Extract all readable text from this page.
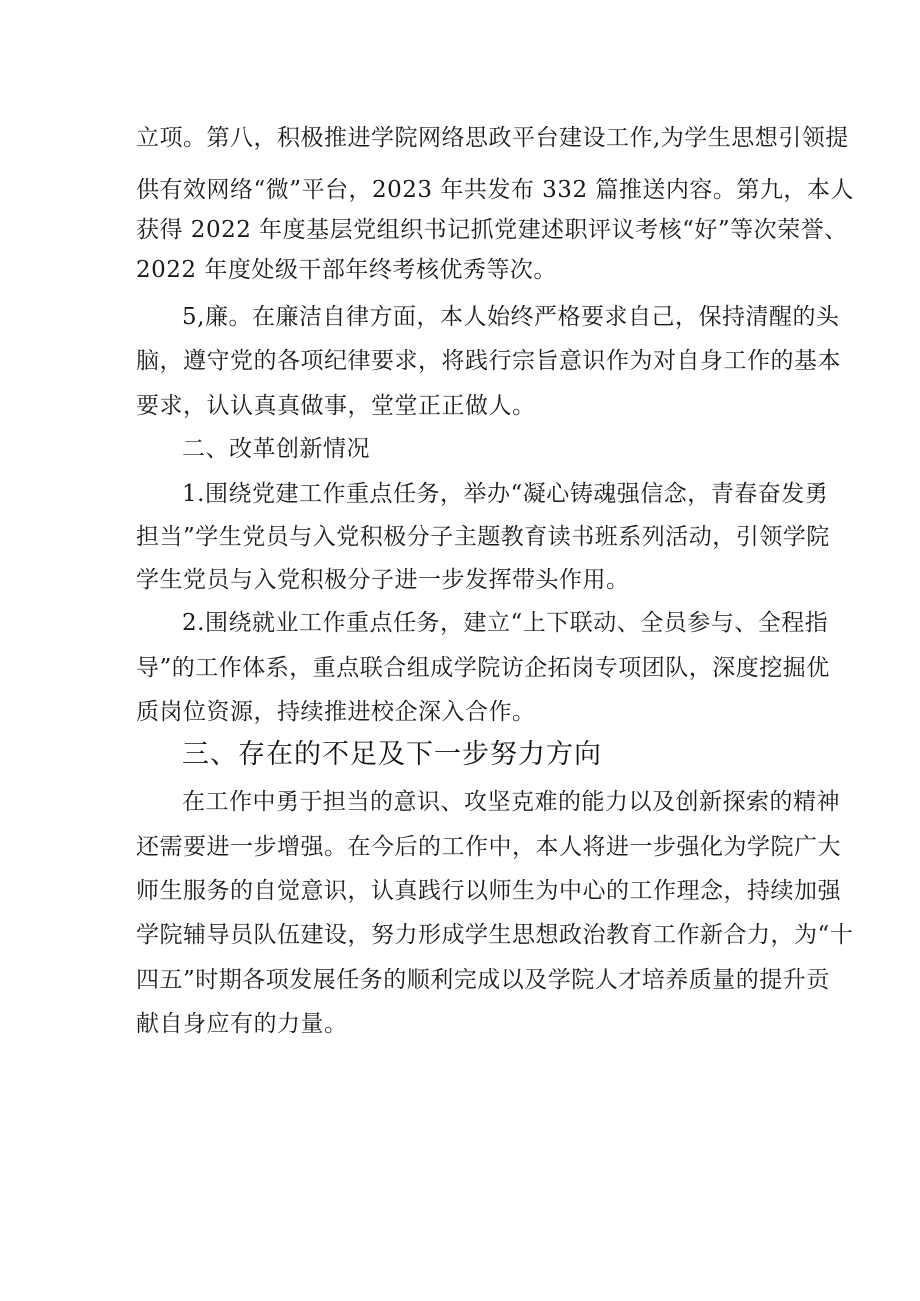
立项。第八，积极推进学院网络思政平台建设工作,为学生思想引领提
供有效网络“微”平台，2023 年共发布 332 篇推送内容。第九，本人
获得 2022 年度基层党组织书记抓党建述职评议考核“好”等次荣誉、
2022 年度处级干部年终考核优秀等次。
5,廉。在廉洁自律方面，本人始终严格要求自己，保持清醒的头
脑，遵守党的各项纪律要求，将践行宗旨意识作为对自身工作的基本
要求，认认真真做事，堂堂正正做人。
二、改革创新情况
1.围绕党建工作重点任务，举办“凝心铸魂强信念，青春奋发勇
担当”学生党员与入党积极分子主题教育读书班系列活动，引领学院
学生党员与入党积极分子进一步发挥带头作用。
2.围绕就业工作重点任务，建立“上下联动、全员参与、全程指
导”的工作体系，重点联合组成学院访企拓岗专项团队，深度挖掘优
质岗位资源，持续推进校企深入合作。
三、存在的不足及下一步努力方向
在工作中勇于担当的意识、攻坚克难的能力以及创新探索的精神
还需要进一步增强。在今后的工作中，本人将进一步强化为学院广大
师生服务的自觉意识，认真践行以师生为中心的工作理念，持续加强
学院辅导员队伍建设，努力形成学生思想政治教育工作新合力，为“十
四五”时期各项发展任务的顺利完成以及学院人才培养质量的提升贡
献自身应有的力量。
